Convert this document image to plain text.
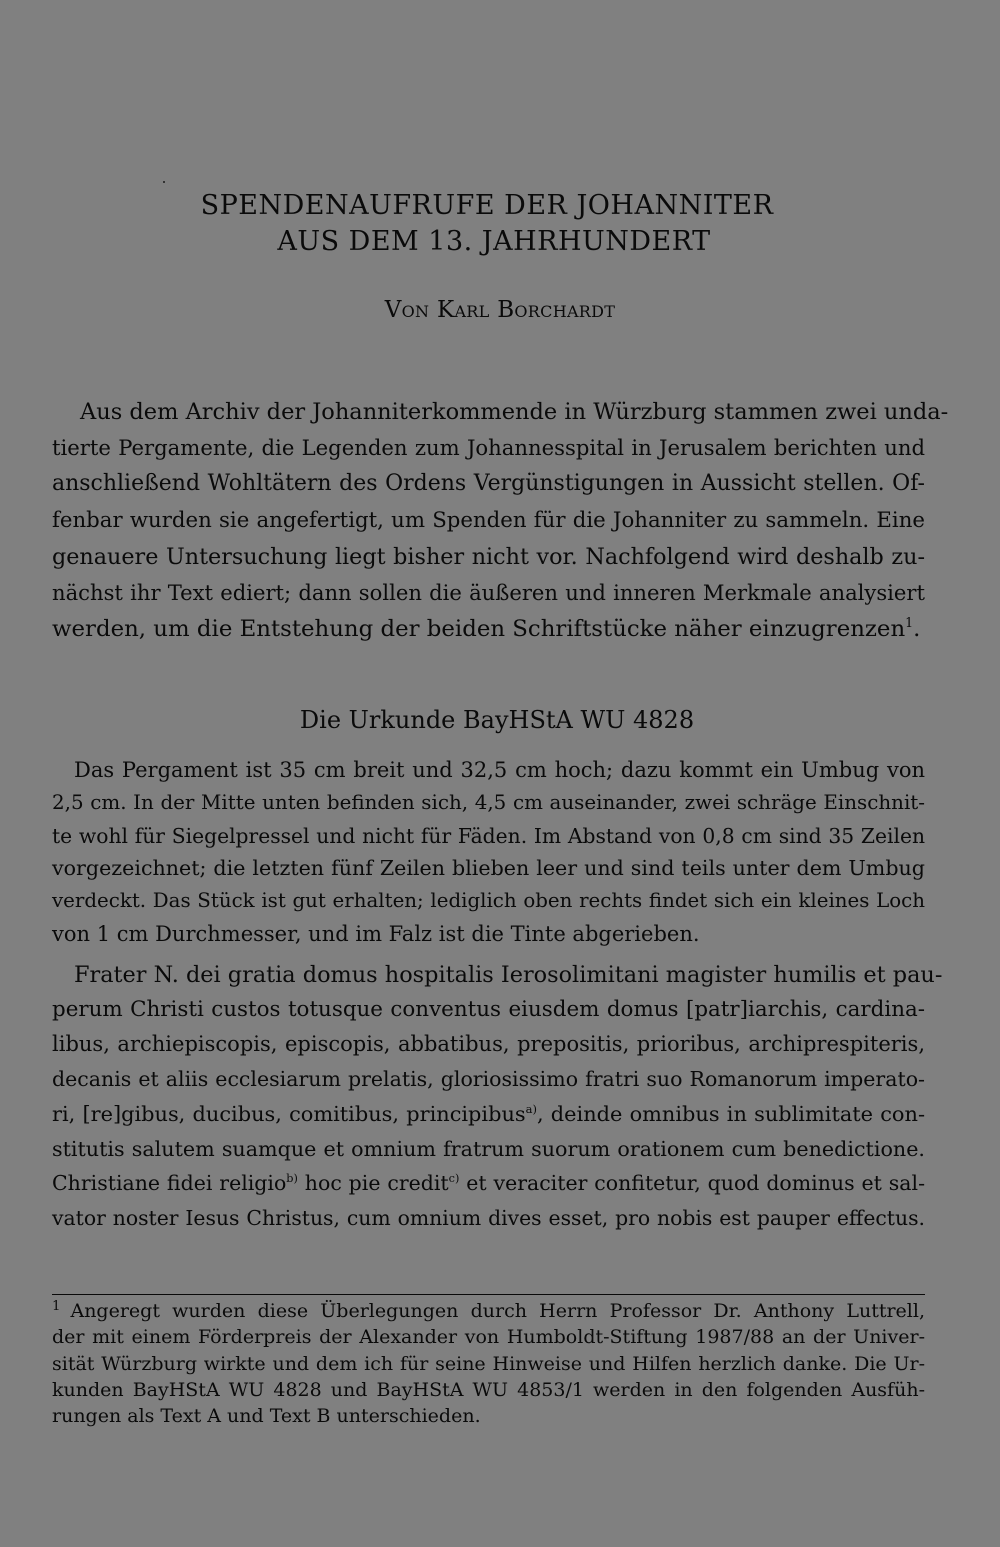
SPENDENAUFRUFE DER JOHANNITER
AUS DEM 13. JAHRHUNDERT
Von Karl Borchardt
Aus dem Archiv der Johanniterkommende in Würzburg stammen zwei unda-
tierte Pergamente, die Legenden zum Johannesspital in Jerusalem berichten und
anschließend Wohltätern des Ordens Vergünstigungen in Aussicht stellen. Of-
fenbar wurden sie angefertigt, um Spenden für die Johanniter zu sammeln. Eine
genauere Untersuchung liegt bisher nicht vor. Nachfolgend wird deshalb zu-
nächst ihr Text ediert; dann sollen die äußeren und inneren Merkmale analysiert
werden, um die Entstehung der beiden Schriftstücke näher einzugrenzen$^1$.
Die Urkunde BayHStA WU 4828
Das Pergament ist 35 cm breit und 32,5 cm hoch; dazu kommt ein Umbug von
2,5 cm. In der Mitte unten befinden sich, 4,5 cm auseinander, zwei schräge Einschnit-
te wohl für Siegelpressel und nicht für Fäden. Im Abstand von 0,8 cm sind 35 Zeilen
vorgezeichnet; die letzten fünf Zeilen blieben leer und sind teils unter dem Umbug
verdeckt. Das Stück ist gut erhalten; lediglich oben rechts findet sich ein kleines Loch
von 1 cm Durchmesser, und im Falz ist die Tinte abgerieben.
Frater N. dei gratia domus hospitalis Ierosolimitani magister humilis et pau-
perum Christi custos totusque conventus eiusdem domus [patr]iarchis, cardina-
libus, archiepiscopis, episcopis, abbatibus, prepositis, prioribus, archiprespiteris,
decanis et aliis ecclesiarum prelatis, gloriosissimo fratri suo Romanorum imperato-
ri, [re]gibus, ducibus, comitibus, principibus$^{a)}$, deinde omnibus in sublimitate con-
stitutis salutem suamque et omnium fratrum suorum orationem cum benedictione.
Christiane fidei religio$^{b)}$ hoc pie credit$^{c)}$ et veraciter confitetur, quod dominus et sal-
vator noster Iesus Christus, cum omnium dives esset, pro nobis est pauper effectus.
$^1$ Angeregt wurden diese Überlegungen durch Herrn Professor Dr. Anthony Luttrell,
der mit einem Förderpreis der Alexander von Humboldt-Stiftung 1987/88 an der Univer-
sität Würzburg wirkte und dem ich für seine Hinweise und Hilfen herzlich danke. Die Ur-
kunden BayHStA WU 4828 und BayHStA WU 4853/1 werden in den folgenden Ausfüh-
rungen als Text A und Text B unterschieden.
